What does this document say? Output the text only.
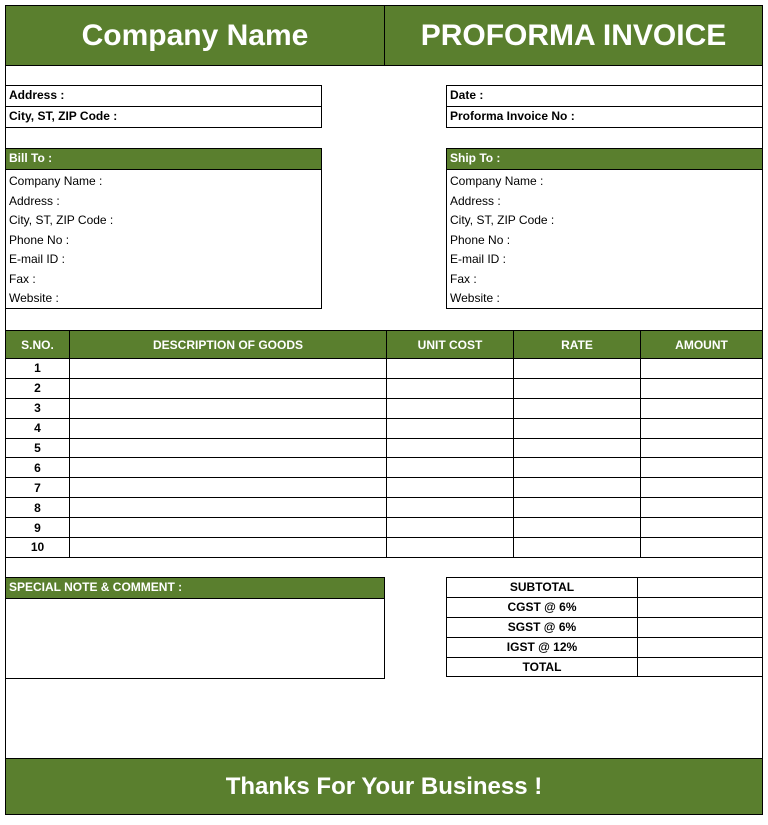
Company Name	PROFORMA INVOICE
Address :
City, ST, ZIP Code :
Date :
Proforma Invoice No :
Bill To :
Company Name :
Address :
City, ST, ZIP Code :
Phone No :
E-mail ID :
Fax :
Website :
Ship To :
Company Name :
Address :
City, ST, ZIP Code :
Phone No :
E-mail ID :
Fax :
Website :
S.NO.	DESCRIPTION OF GOODS	UNIT COST	RATE	AMOUNT
1				
2				
3				
4				
5				
6				
7				
8				
9				
10				
SPECIAL NOTE & COMMENT :	SUBTOTAL	
CGST @ 6%	
SGST @ 6%	
IGST @ 12%	
TOTAL	
Thanks For Your Business !
